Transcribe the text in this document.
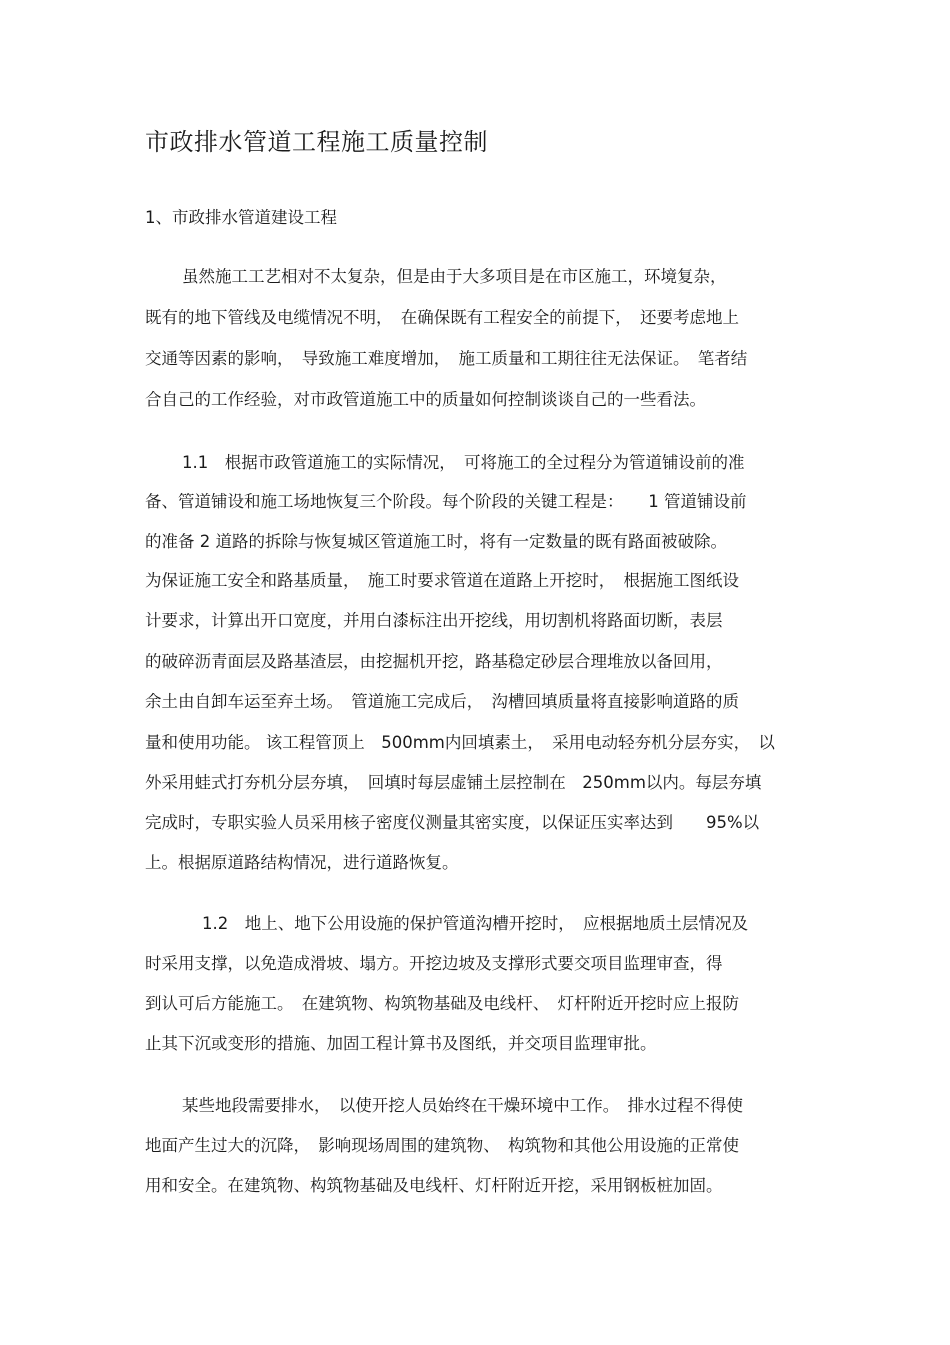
市政排水管道工程施工质量控制
1、市政排水管道建设工程
虽然施工工艺相对不太复杂，但是由于大多项目是在市区施工，环境复杂，
既有的地下管线及电缆情况不明，　在确保既有工程安全的前提下，　还要考虑地上
交通等因素的影响，　导致施工难度增加，　施工质量和工期往往无法保证。　笔者结
合自己的工作经验，对市政管道施工中的质量如何控制谈谈自己的一些看法。
1.1　根据市政管道施工的实际情况，　可将施工的全过程分为管道铺设前的准
备、管道铺设和施工场地恢复三个阶段。每个阶段的关键工程是：　　1 管道铺设前
的准备 2 道路的拆除与恢复城区管道施工时，将有一定数量的既有路面被破除。
为保证施工安全和路基质量，　施工时要求管道在道路上开挖时，　根据施工图纸设
计要求，计算出开口宽度，并用白漆标注出开挖线，用切割机将路面切断，表层
的破碎沥青面层及路基渣层，由挖掘机开挖，路基稳定砂层合理堆放以备回用，
余土由自卸车运至弃土场。　管道施工完成后，　沟槽回填质量将直接影响道路的质
量和使用功能。 该工程管顶上　500mm内回填素土，　采用电动轻夯机分层夯实，　以
外采用蛙式打夯机分层夯填，　回填时每层虚铺土层控制在　250mm以内。每层夯填
完成时，专职实验人员采用核子密度仪测量其密实度，以保证压实率达到　　95%以
上。根据原道路结构情况，进行道路恢复。
1.2　地上、地下公用设施的保护管道沟槽开挖时，　应根据地质土层情况及
时采用支撑，以免造成滑坡、塌方。开挖边坡及支撑形式要交项目监理审查，得
到认可后方能施工。　在建筑物、构筑物基础及电线杆、　灯杆附近开挖时应上报防
止其下沉或变形的措施、加固工程计算书及图纸，并交项目监理审批。
某些地段需要排水，　以使开挖人员始终在干燥环境中工作。　排水过程不得使
地面产生过大的沉降，　影响现场周围的建筑物、　构筑物和其他公用设施的正常使
用和安全。在建筑物、构筑物基础及电线杆、灯杆附近开挖，采用钢板桩加固。
